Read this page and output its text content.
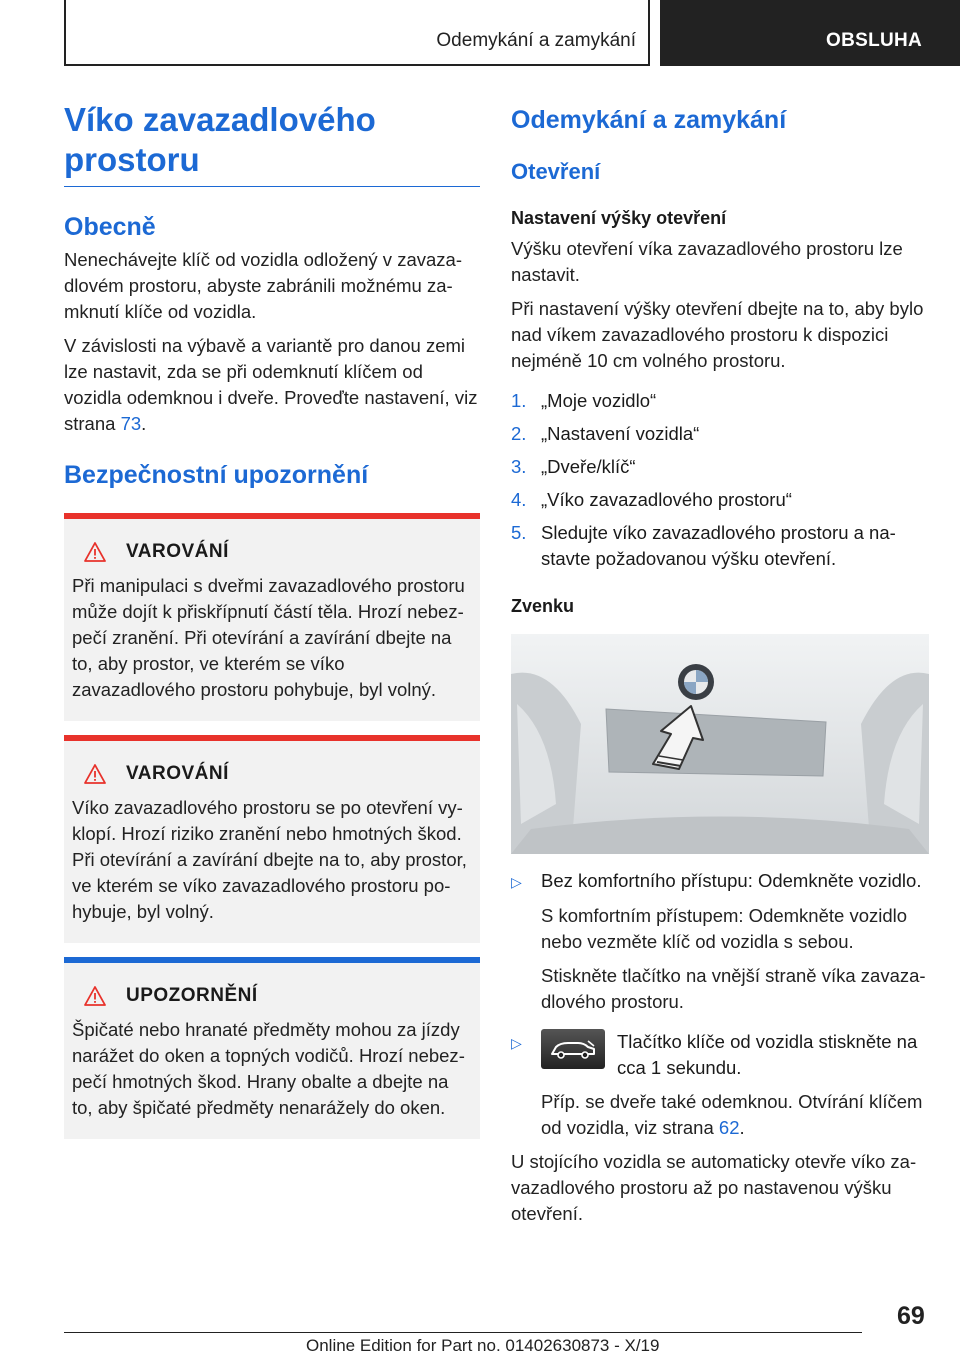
Odemykání a zamykání	OBSLUHA
Víko zavazadlového
prostoru
Obecně

Nenechávejte klíč od vozidla odložený v zavazadlovém prostoru, abyste zabránili možnému zamknutí klíče od vozidla.

V závislosti na výbavě a variantě pro danou zemi lze nastavit, zda se při odemknutí klíčem od vozidla odemknou i dveře. Proveďte nastavení, viz strana 73.

Bezpečnostní upozornění
VAROVÁNÍ

Při manipulaci s dveřmi zavazadlového prostoru může dojít k přiskřípnutí částí těla. Hrozí nebezpečí zranění. Při otevírání a zavírání dbejte na to, aby prostor, ve kterém se víko zavazadlového prostoru pohybuje, byl volný.

VAROVÁNÍ

Víko zavazadlového prostoru se po otevření vyklopí. Hrozí riziko zranění nebo hmotných škod. Při otevírání a zavírání dbejte na to, aby prostor, ve kterém se víko zavazadlového prostoru pohybuje, byl volný.

UPOZORNĚNÍ

Špičaté nebo hranaté předměty mohou za jízdy narážet do oken a topných vodičů. Hrozí nebezpečí hmotných škod. Hrany obalte a dbejte na to, aby špičaté předměty nenarážely do oken.

Odemykání a zamykání
Otevření
Nastavení výšky otevření

Výšku otevření víka zavazadlového prostoru lze nastavit.

Při nastavení výšky otevření dbejte na to, aby bylo nad víkem zavazadlového prostoru k dispozici nejméně 10 cm volného prostoru.

1. „Moje vozidlo“
2. „Nastavení vozidla“
3. „Dveře/klíč“
4. „Víko zavazadlového prostoru“
5. Sledujte víko zavazadlového prostoru a nastavte požadovanou výšku otevření.
Zvenku
▷	Bez komfortního přístupu: Odemkněte vozidlo.

S komfortním přístupem: Odemkněte vozidlo nebo vezměte klíč od vozidla s sebou.

Stiskněte tlačítko na vnější straně víka zavazadlového prostoru.

▷	Tlačítko klíče od vozidla stiskněte na cca 1 sekundu.

Příp. se dveře také odemknou. Otvírání klíčem od vozidla, viz strana 62.

U stojícího vozidla se automaticky otevře víko zavazadlového prostoru až po nastavenou výšku otevření.

69
Online Edition for Part no. 01402630873 - X/19
